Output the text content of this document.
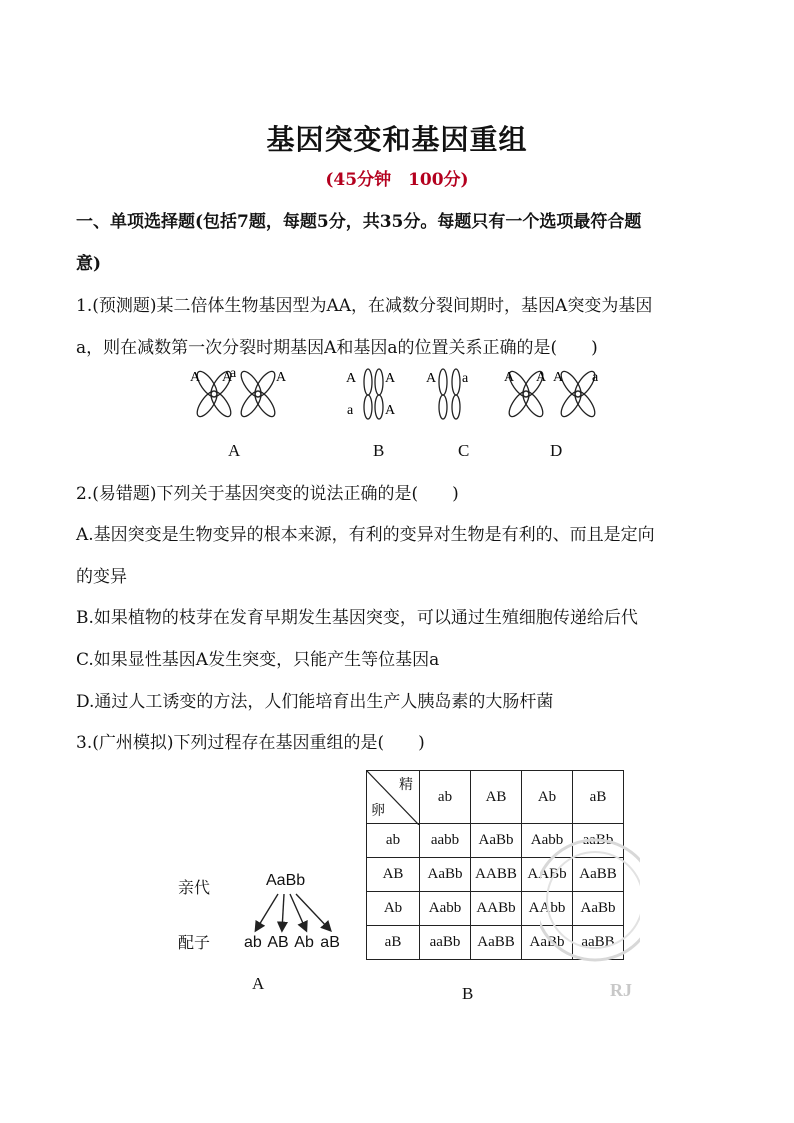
基因突变和基因重组
(45分钟　100分)
一、单项选择题(包括7题，每题5分，共35分。每题只有一个选项最符合题
意)
1.(预测题)某二倍体生物基因型为AA，在减数分裂间期时，基因A突变为基因
a，则在减数第一次分裂时期基因A和基因a的位置关系正确的是(　　)
A A
a	A	A A
a A
A a	A A A a
A	B	C	D
2.(易错题)下列关于基因突变的说法正确的是(　　)
A.基因突变是生物变异的根本来源，有利的变异对生物是有利的、而且是定向
的变异
B.如果植物的枝芽在发育早期发生基因突变，可以通过生殖细胞传递给后代
C.如果显性基因A发生突变，只能产生等位基因a
D.通过人工诱变的方法，人们能培育出生产人胰岛素的大肠杆菌
3.(广州模拟)下列过程存在基因重组的是(　　)
亲代
配子
AaBb
ab AB Ab aB
A
精
卵	ab	AB	Ab	aB
ab	aabb	AaBb	Aabb	aaBb
AB	AaBb	AABB	AABb	AaBB
Ab	Aabb	AABb	AAbb	AaBb
aB	aaBb	AaBB	AaBb	aaBB
B	RJ
